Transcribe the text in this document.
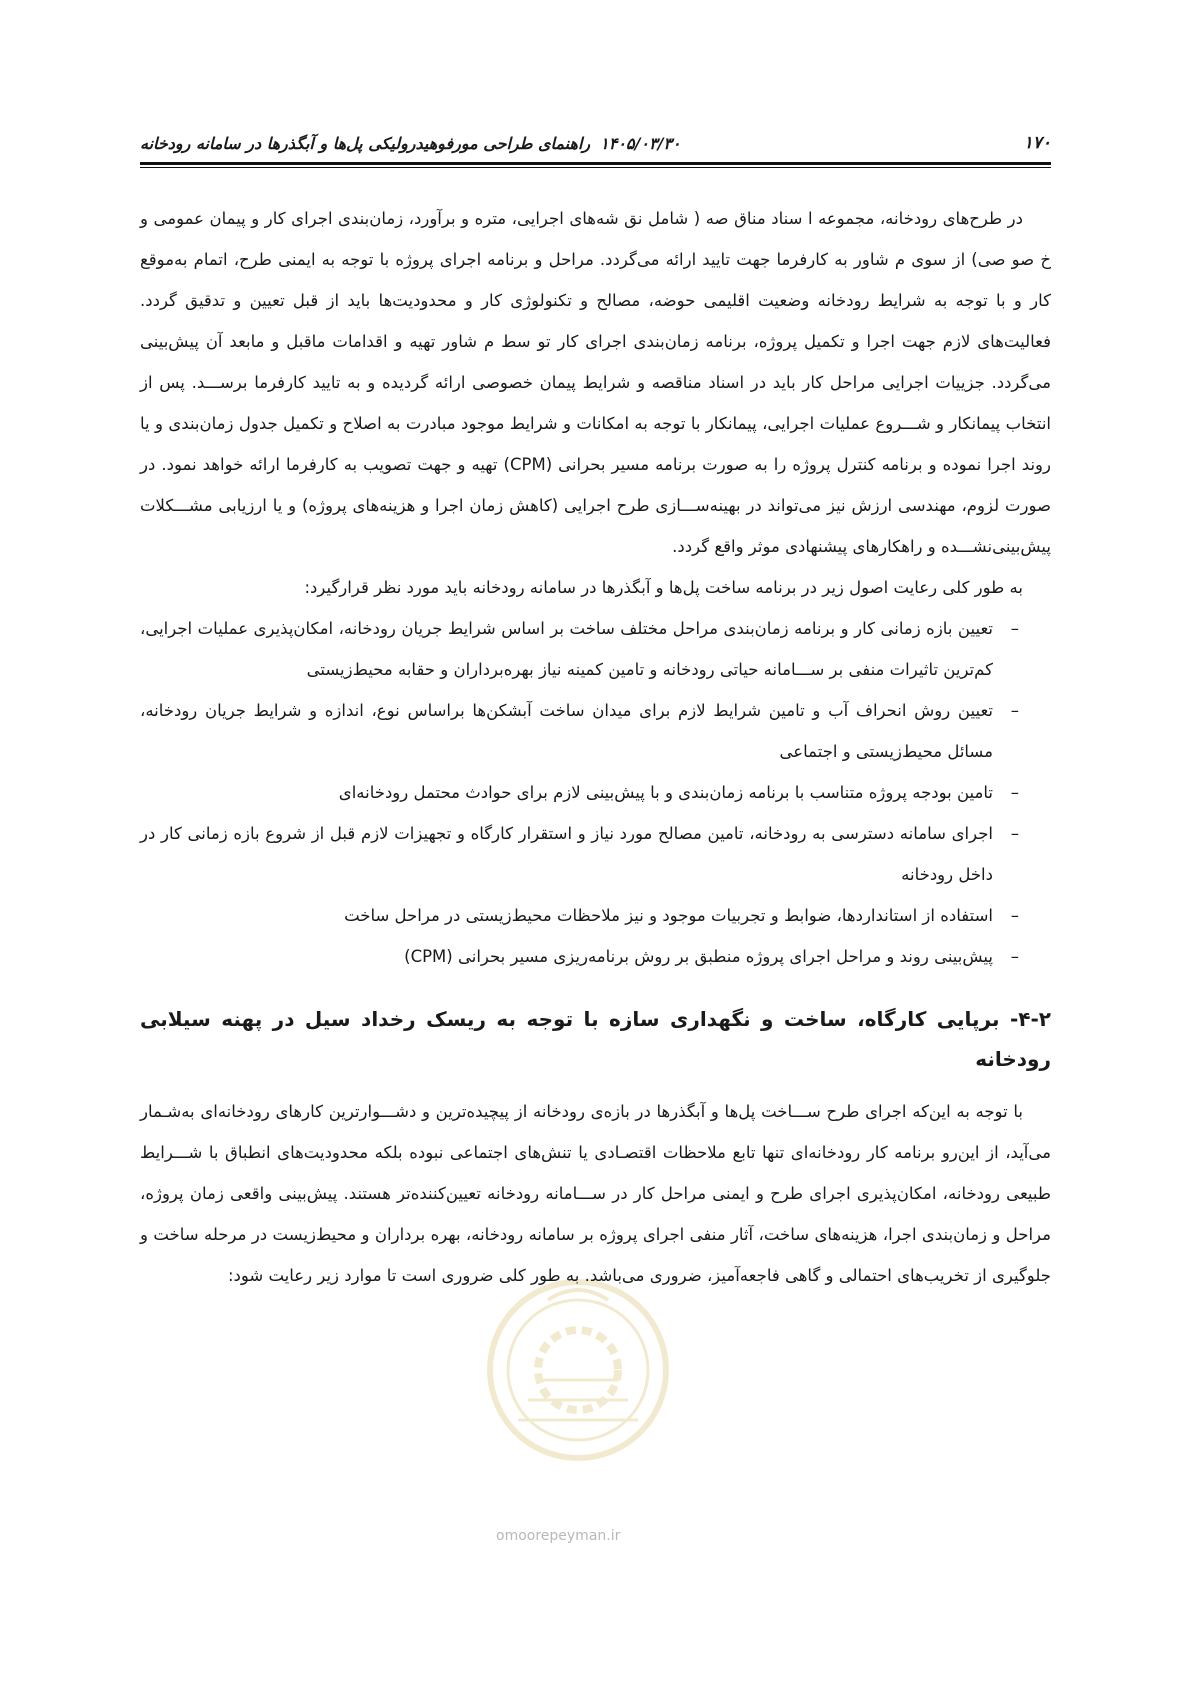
۱۷۰
۱۴۰۵/۰۳/۳۰
راهنمای طراحی مورفوهیدرولیکی پل‌ها و آبگذرها در سامانه رودخانه
omoorepeyman.ir

در طرح‌های رودخانه، مجموعه ا سناد مناق صه ( شامل نق شه‌های اجرایی، متره و برآورد، زمان‌بندی اجرای کار و پیمان عمومی و خ صو صی) از سوی م شاور به کارفرما جهت تایید ارائه می‌گردد. مراحل و برنامه اجرای پروژه با توجه به ایمنی طرح، اتمام به‌موقع کار و با توجه به شرایط رودخانه وضعیت اقلیمی حوضه، مصالح و تکنولوژی کار و محدودیت‌ها باید از قبل تعیین و تدقیق گردد. فعالیت‌های لازم جهت اجرا و تکمیل پروژه، برنامه زمان‌بندی اجرای کار تو سط م شاور تهیه و اقدامات ماقبل و مابعد آن پیش‌بینی می‌گردد. جزییات اجرایی مراحل کار باید در اسناد مناقصه و شرایط پیمان خصوصی ارائه گردیده و به تایید کارفرما برســـد. پس از انتخاب پیمانکار و شـــروع عملیات اجرایی، پیمانکار با توجه به امکانات و شرایط موجود مبادرت به اصلاح و تکمیل جدول زمان‌بندی و یا روند اجرا نموده و برنامه کنترل پروژه را به صورت برنامه مسیر بحرانی (CPM) تهیه و جهت تصویب به کارفرما ارائه خواهد نمود. در صورت لزوم، مهندسی ارزش نیز می‌تواند در بهینه‌ســـازی طرح اجرایی (کاهش زمان اجرا و هزینه‌های پروژه) و یا ارزیابی مشـــکلات پیش‌بینی‌نشـــده و راهکارهای پیشنهادی موثر واقع گردد.

به طور کلی رعایت اصول زیر در برنامه ساخت پل‌ها و آبگذرها در سامانه رودخانه باید مورد نظر قرارگیرد:

– تعیین بازه زمانی کار و برنامه زمان‌بندی مراحل مختلف ساخت بر اساس شرایط جریان رودخانه، امکان‌پذیری عملیات اجرایی، کم‌ترین تاثیرات منفی بر ســـامانه حیاتی رودخانه و تامین کمینه نیاز بهره‌برداران و حقابه محیط‌زیستی
– تعیین روش انحراف آب و تامین شرایط لازم برای میدان ساخت آبشکن‌ها براساس نوع، اندازه و شرایط جریان رودخانه، مسائل محیط‌زیستی و اجتماعی
– تامین بودجه پروژه متناسب با برنامه زمان‌بندی و با پیش‌بینی لازم برای حوادث محتمل رودخانه‌ای
– اجرای سامانه دسترسی به رودخانه، تامین مصالح مورد نیاز و استقرار کارگاه و تجهیزات لازم قبل از شروع بازه زمانی کار در داخل رودخانه
– استفاده از استانداردها، ضوابط و تجربیات موجود و نیز ملاحظات محیط‌زیستی در مراحل ساخت
– پیش‌بینی روند و مراحل اجرای پروژه منطبق بر روش برنامه‌ریزی مسیر بحرانی (CPM)
۴-۲- برپایی کارگاه، ساخت و نگهداری سازه با توجه به ریسک رخداد سیل در پهنه سیلابی رودخانه

با توجه به این‌که اجرای طرح ســـاخت پل‌ها و آبگذرها در بازه‌ی رودخانه از پیچیده‌ترین و دشـــوارترین کارهای رودخانه‌ای به‌شـمار می‌آید، از این‌رو برنامه کار رودخانه‌ای تنها تابع ملاحظات اقتصـادی یا تنش‌های اجتماعی نبوده بلکه محدودیت‌های انطباق با شـــرایط طبیعی رودخانه، امکان‌پذیری اجرای طرح و ایمنی مراحل کار در ســـامانه رودخانه تعیین‌کننده‌تر هستند. پیش‌بینی واقعی زمان پروژه، مراحل و زمان‌بندی اجرا، هزینه‌های ساخت، آثار منفی اجرای پروژه بر سامانه رودخانه، بهره برداران و محیط‌زیست در مرحله ساخت و جلوگیری از تخریب‌های احتمالی و گاهی فاجعه‌آمیز، ضروری می‌باشد. به طور کلی ضروری است تا موارد زیر رعایت شود:
